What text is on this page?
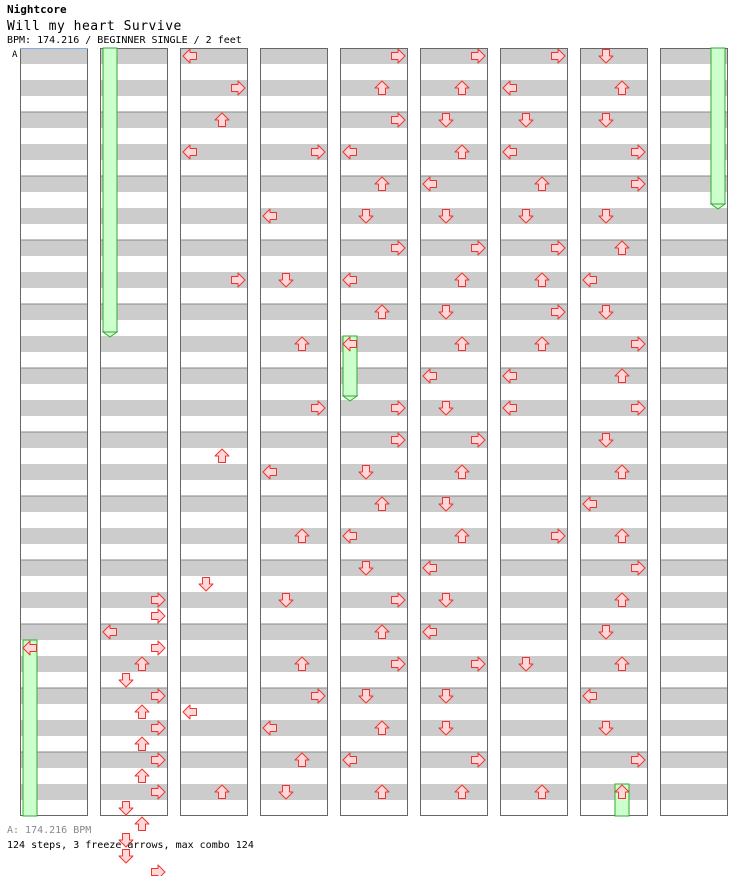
Nightcore
Will my heart Survive
BPM: 174.216 / BEGINNER SINGLE / 2 feet
A
A: 174.216 BPM
124 steps, 3 freeze arrows, max combo 124
